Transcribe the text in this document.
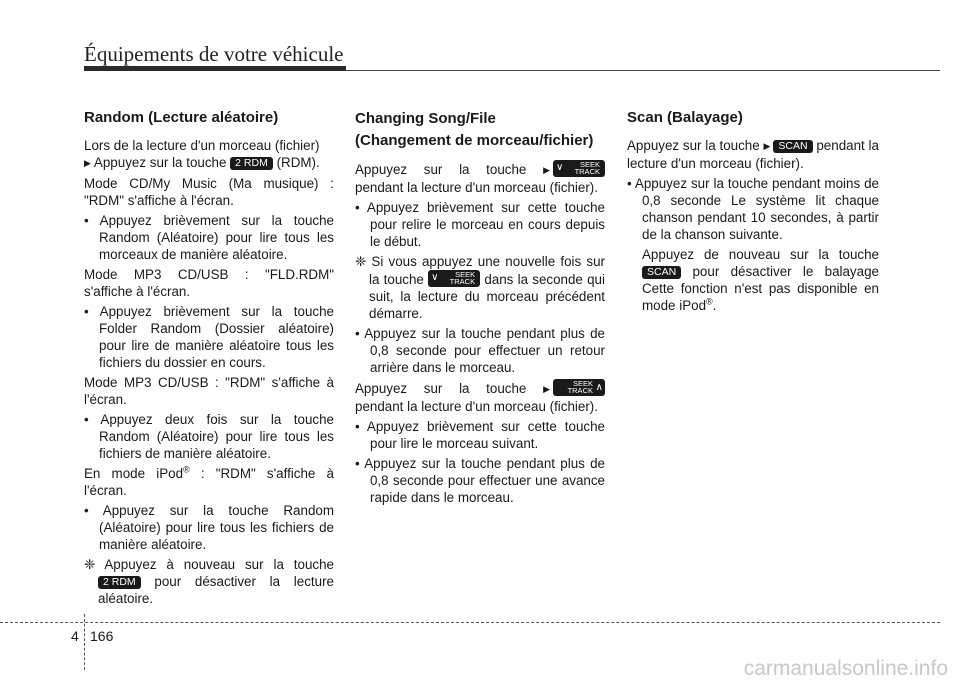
Équipements de votre véhicule
Random (Lecture aléatoire)

Lors de la lecture d'un morceau (fichier)
▶ Appuyez sur la touche 2 RDM (RDM).

Mode CD/My Music (Ma musique) : "RDM" s'affiche à l'écran.

• Appuyez brièvement sur la touche Random (Aléatoire) pour lire tous les morceaux de manière aléatoire.

Mode MP3 CD/USB : "FLD.RDM" s'affiche à l'écran.

• Appuyez brièvement sur la touche Folder Random (Dossier aléatoire) pour lire de manière aléatoire tous les fichiers du dossier en cours.

Mode MP3 CD/USB : "RDM" s'affiche à l'écran.

• Appuyez deux fois sur la touche Random (Aléatoire) pour lire tous les fichiers de manière aléatoire.

En mode iPod® : "RDM" s'affiche à l'écran.

• Appuyez sur la touche Random (Aléatoire) pour lire tous les fichiers de manière aléatoire.

❈ Appuyez à nouveau sur la touche 2 RDM pour désactiver la lecture aléatoire.

Changing Song/File
(Changement de morceau/fichier)

Appuyez sur la touche ▶ ∨ SEEK
TRACK
pendant la lecture d'un morceau (fichier).

• Appuyez brièvement sur cette touche pour relire le morceau en cours depuis le début.

❈ Si vous appuyez une nouvelle fois sur la touche ∨ SEEK
TRACK dans la seconde qui suit, la lecture du morceau précédent démarre.

• Appuyez sur la touche pendant plus de 0,8 seconde pour effectuer un retour arrière dans le morceau.

Appuyez sur la touche ▶
SEEK
TRACK ∧
pendant la lecture d'un morceau (fichier).

• Appuyez brièvement sur cette touche pour lire le morceau suivant.

• Appuyez sur la touche pendant plus de 0,8 seconde pour effectuer une avance rapide dans le morceau.

Scan (Balayage)

Appuyez sur la touche ▶ SCAN pendant la lecture d'un morceau (fichier).

• Appuyez sur la touche pendant moins de 0,8 seconde Le système lit chaque chanson pendant 10 secondes, à partir de la chanson suivante.

Appuyez de nouveau sur la touche SCAN pour désactiver le balayage Cette fonction n'est pas disponible en mode iPod®.

4 166
carmanualsonline.info
